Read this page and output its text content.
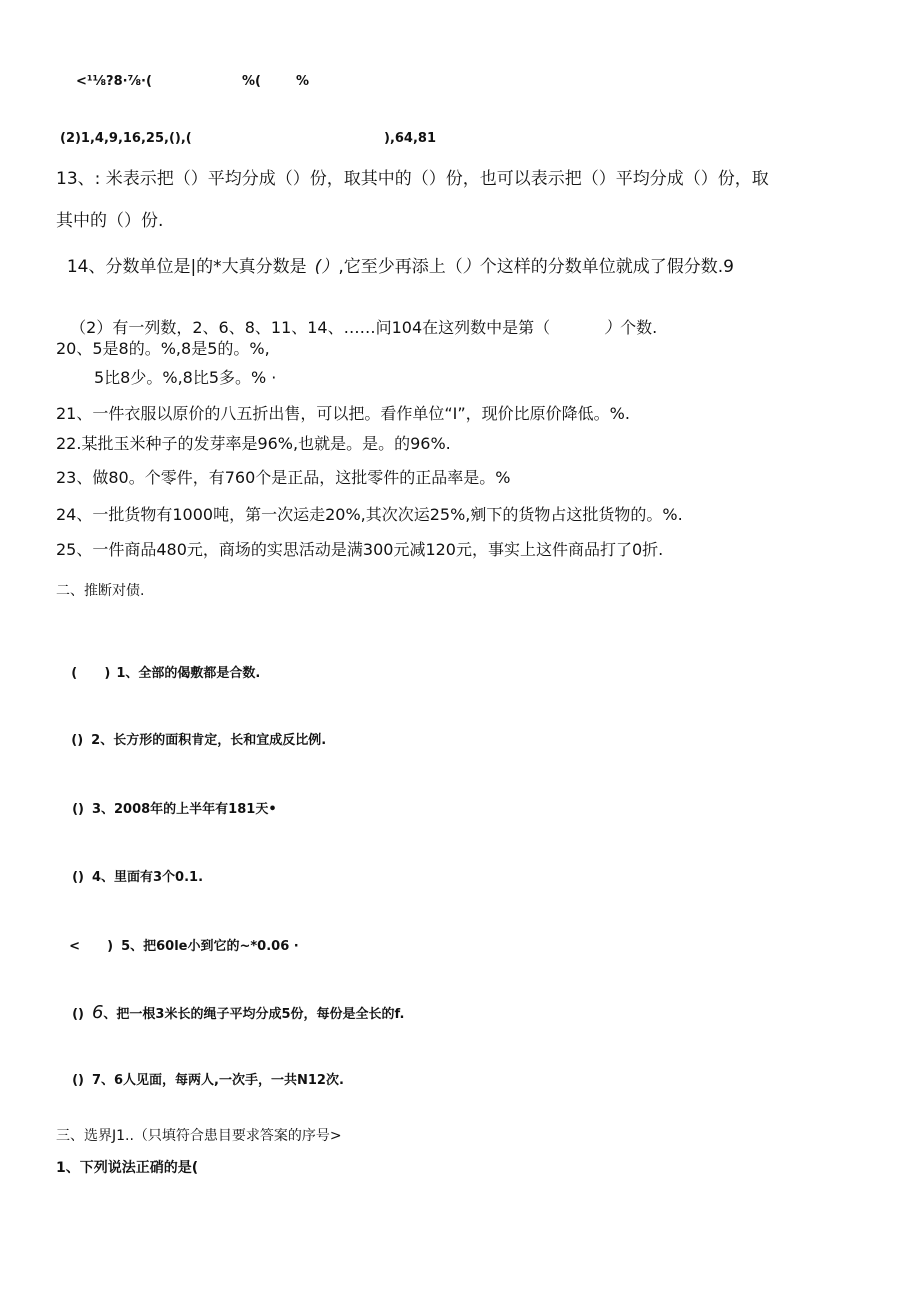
<¹⅛?8·⅞·(	%(	%
(2)1,4,9,16,25,(),(	),64,81
13、: 米表示把（）平均分成（）份，取其中的（）份，也可以表示把（）平均分成（）份，取
其中的（）份.

14、分数单位是|的*大真分数是 (）,它至少再添上（）个这样的分数单位就成了假分数.9

（2）有一列数，2、6、8、11、14、……问104在这列数中是第（	）个数.

20、5是8的。%,8是5的。%,
5比8少。%,8比5多。% ·
21、一件衣服以原价的八五折出售，可以把。看作单位“I”，现价比原价降低。%.
22.某批玉米种子的发芽率是96%,也就是。是。的96%.
23、做80。个零件，有760个是正品，这批零件的正品率是。%
24、一批货物有1000吨，第一次运走20%,其次次运25%,剜下的货物占这批货物的。%.
25、一件商品480元，商场的实思活动是满300元减120元，事实上这件商品打了0折.
二、推断对债.

(      ) 1、全部的偈敷都是合数.

() 2、长方形的面积肯定，长和宜成反比例.

() 3、2008年的上半年有181天•

() 4、里面有3个0.1.

<      ) 5、把60le小到它的~*0.06 ·

() 6、把一根3米长的绳子平均分成5份，每份是全长的f.

() 7、6人见面，每两人,一次手，一共N12次.

三、选界J1..（只填符合患目要求答案的序号>
1、下列说法正硝的是(
